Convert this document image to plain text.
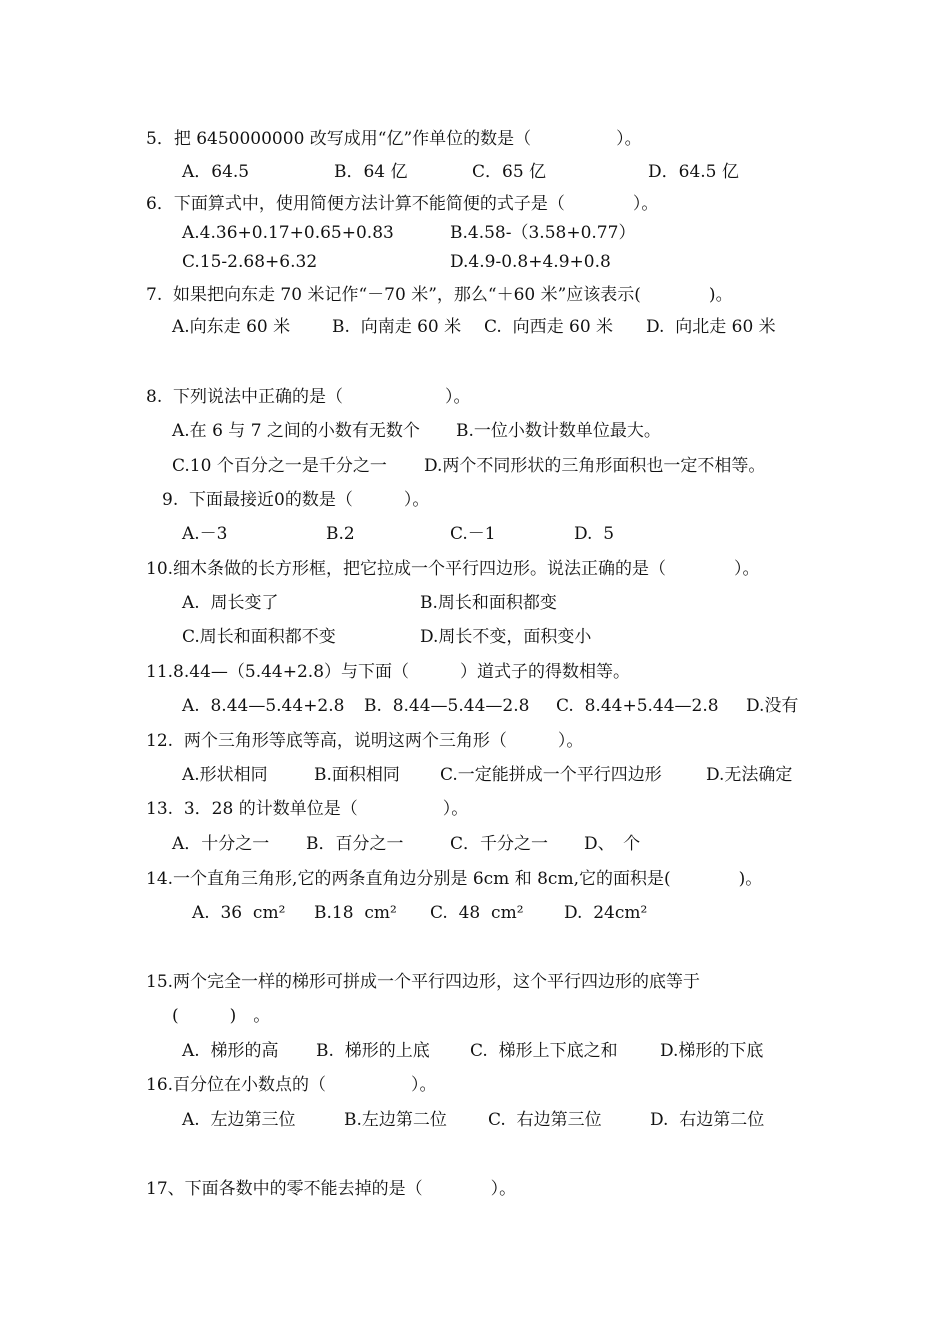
5．把 6450000000 改写成用“亿”作单位的数是（　　　　　）。
A．64.5	B．64 亿	C．65 亿	D．64.5 亿
6．下面算式中，使用简便方法计算不能简便的式子是（　　　　）。
A.4.36+0.17+0.65+0.83	B.4.58-（3.58+0.77）
C.15-2.68+6.32	D.4.9-0.8+4.9+0.8
7.  如果把向东走 70 米记作“－70 米”，那么“＋60 米”应该表示(　　　　)。
A.向东走 60 米 B.  向南走 60 米 C.  向西走 60 米 D.  向北走 60 米
8.  下列说法中正确的是（　　　　　　）。
A.在 6 与 7 之间的小数有无数个 B.一位小数计数单位最大。
C.10 个百分之一是千分之一 D.两个不同形状的三角形面积也一定不相等。
9.  下面最接近0的数是（　　　）。
A.－3	B.2	C.－1	D.  5
10.细木条做的长方形框，把它拉成一个平行四边形。说法正确的是（　　　　）。
A.  周长变了	B.周长和面积都变
C.周长和面积都不变	D.周长不变，面积变小
11.8.44—（5.44+2.8）与下面（　　　）道式子的得数相等。
A.  8.44—5.44+2.8 B.  8.44—5.44—2.8 C.  8.44+5.44—2.8 D.没有
12.  两个三角形等底等高，说明这两个三角形（　　　）。
A.形状相同	B.面积相同 C.一定能拼成一个平行四边形	D.无法确定
13.  3．28 的计数单位是（　　　　　）。
A．十分之一 B．百分之一	C．千分之一 D、　个
14.一个直角三角形,它的两条直角边分别是 6cm 和 8cm,它的面积是(　　　　)。
A.  36  cm² B.18  cm² C.  48  cm² D.  24cm²
15.两个完全一样的梯形可拼成一个平行四边形，这个平行四边形的底等于
(　　　)　。
A.  梯形的高 B.  梯形的上底 C.  梯形上下底之和 D.梯形的下底
16.百分位在小数点的（　　　　　）。
A.  左边第三位	B.左边第二位 C.  右边第三位	D.  右边第二位
17、下面各数中的零不能去掉的是（　　　　）。
